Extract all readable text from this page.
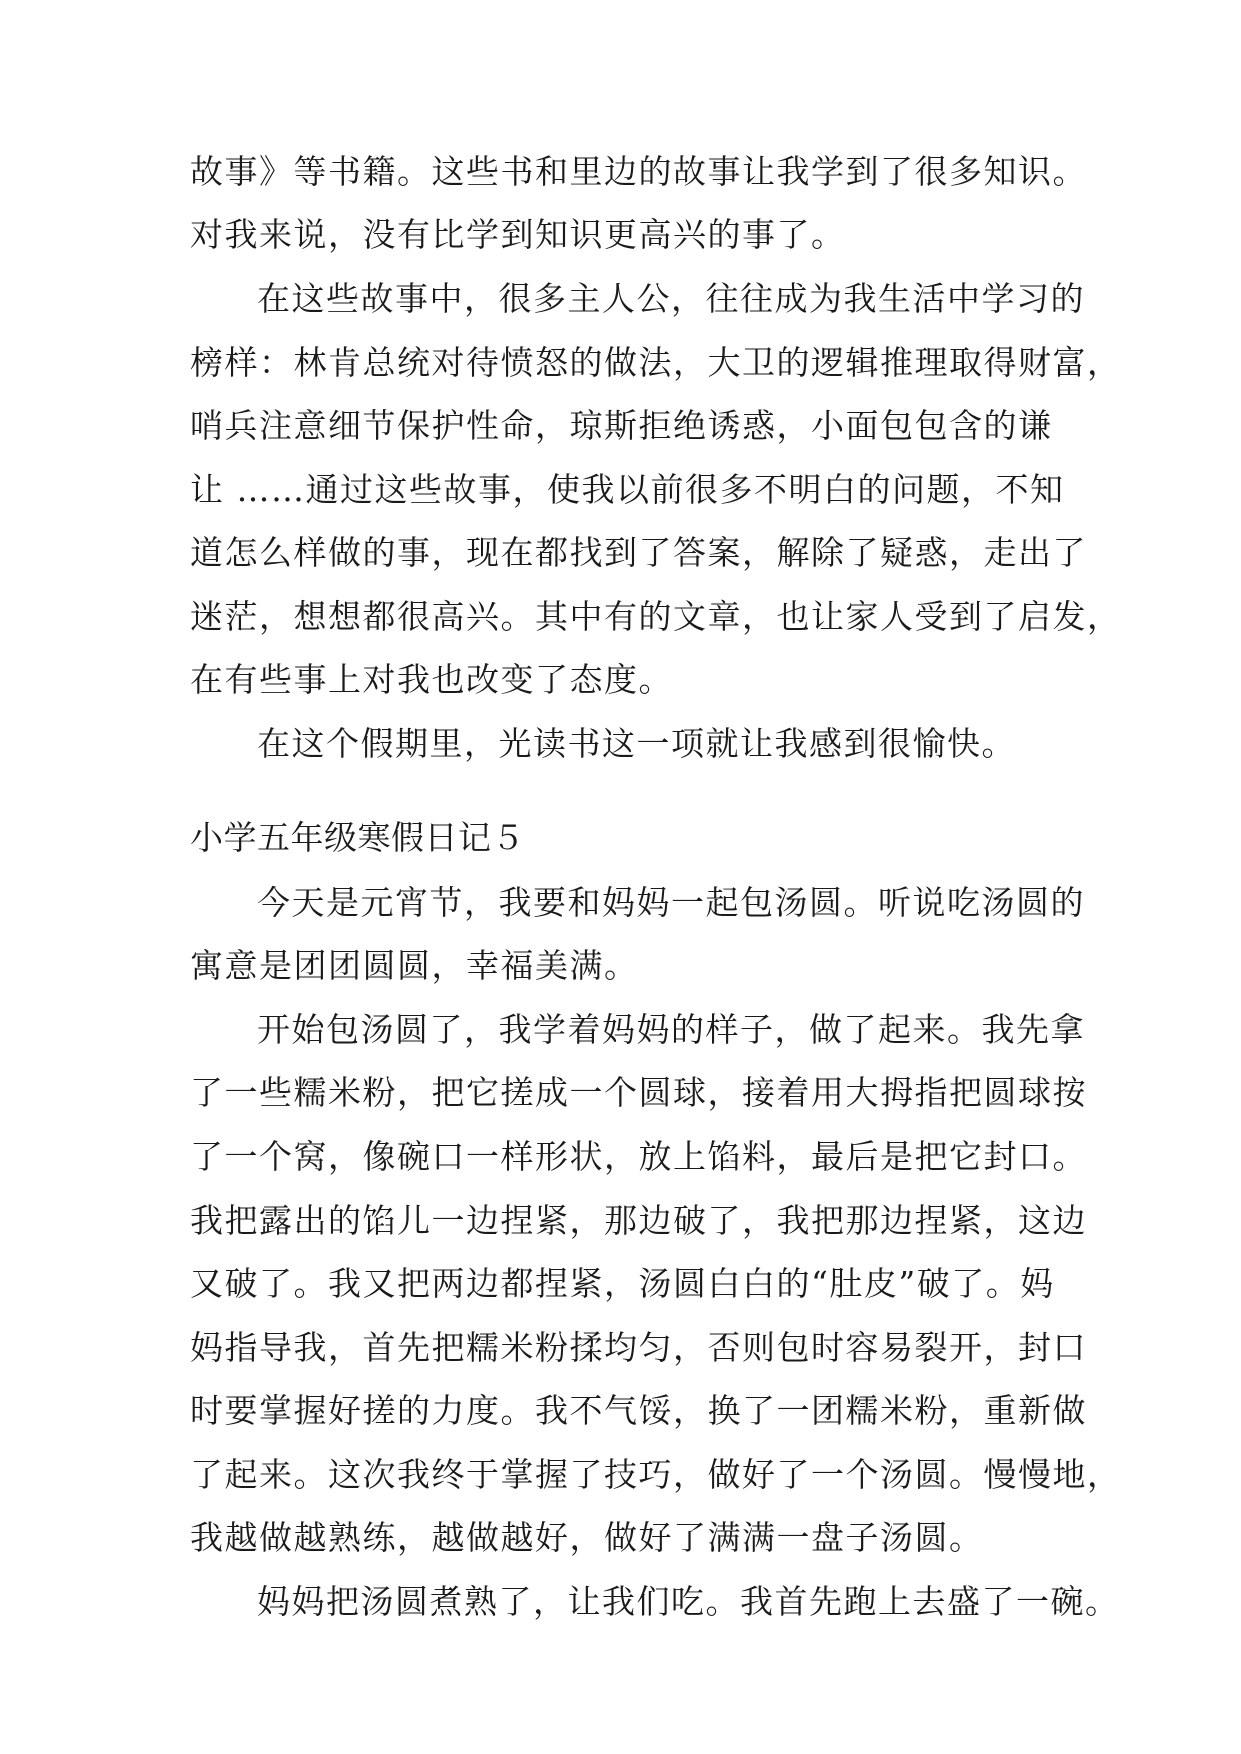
故事》等书籍。这些书和里边的故事让我学到了很多知识。
对我来说，没有比学到知识更高兴的事了。
在这些故事中，很多主人公，往往成为我生活中学习的
榜样：林肯总统对待愤怒的做法，大卫的逻辑推理取得财富，
哨兵注意细节保护性命，琼斯拒绝诱惑，小面包包含的谦
让 ……通过这些故事，使我以前很多不明白的问题，不知
道怎么样做的事，现在都找到了答案，解除了疑惑，走出了
迷茫，想想都很高兴。其中有的文章，也让家人受到了启发，
在有些事上对我也改变了态度。
在这个假期里，光读书这一项就让我感到很愉快。
小学五年级寒假日记５
今天是元宵节，我要和妈妈一起包汤圆。听说吃汤圆的
寓意是团团圆圆，幸福美满。
开始包汤圆了，我学着妈妈的样子，做了起来。我先拿
了一些糯米粉，把它搓成一个圆球，接着用大拇指把圆球按
了一个窝，像碗口一样形状，放上馅料，最后是把它封口。
我把露出的馅儿一边捏紧，那边破了，我把那边捏紧，这边
又破了。我又把两边都捏紧，汤圆白白的“肚皮”破了。妈
妈指导我，首先把糯米粉揉均匀，否则包时容易裂开，封口
时要掌握好搓的力度。我不气馁，换了一团糯米粉，重新做
了起来。这次我终于掌握了技巧，做好了一个汤圆。慢慢地，
我越做越熟练，越做越好，做好了满满一盘子汤圆。
妈妈把汤圆煮熟了，让我们吃。我首先跑上去盛了一碗。
